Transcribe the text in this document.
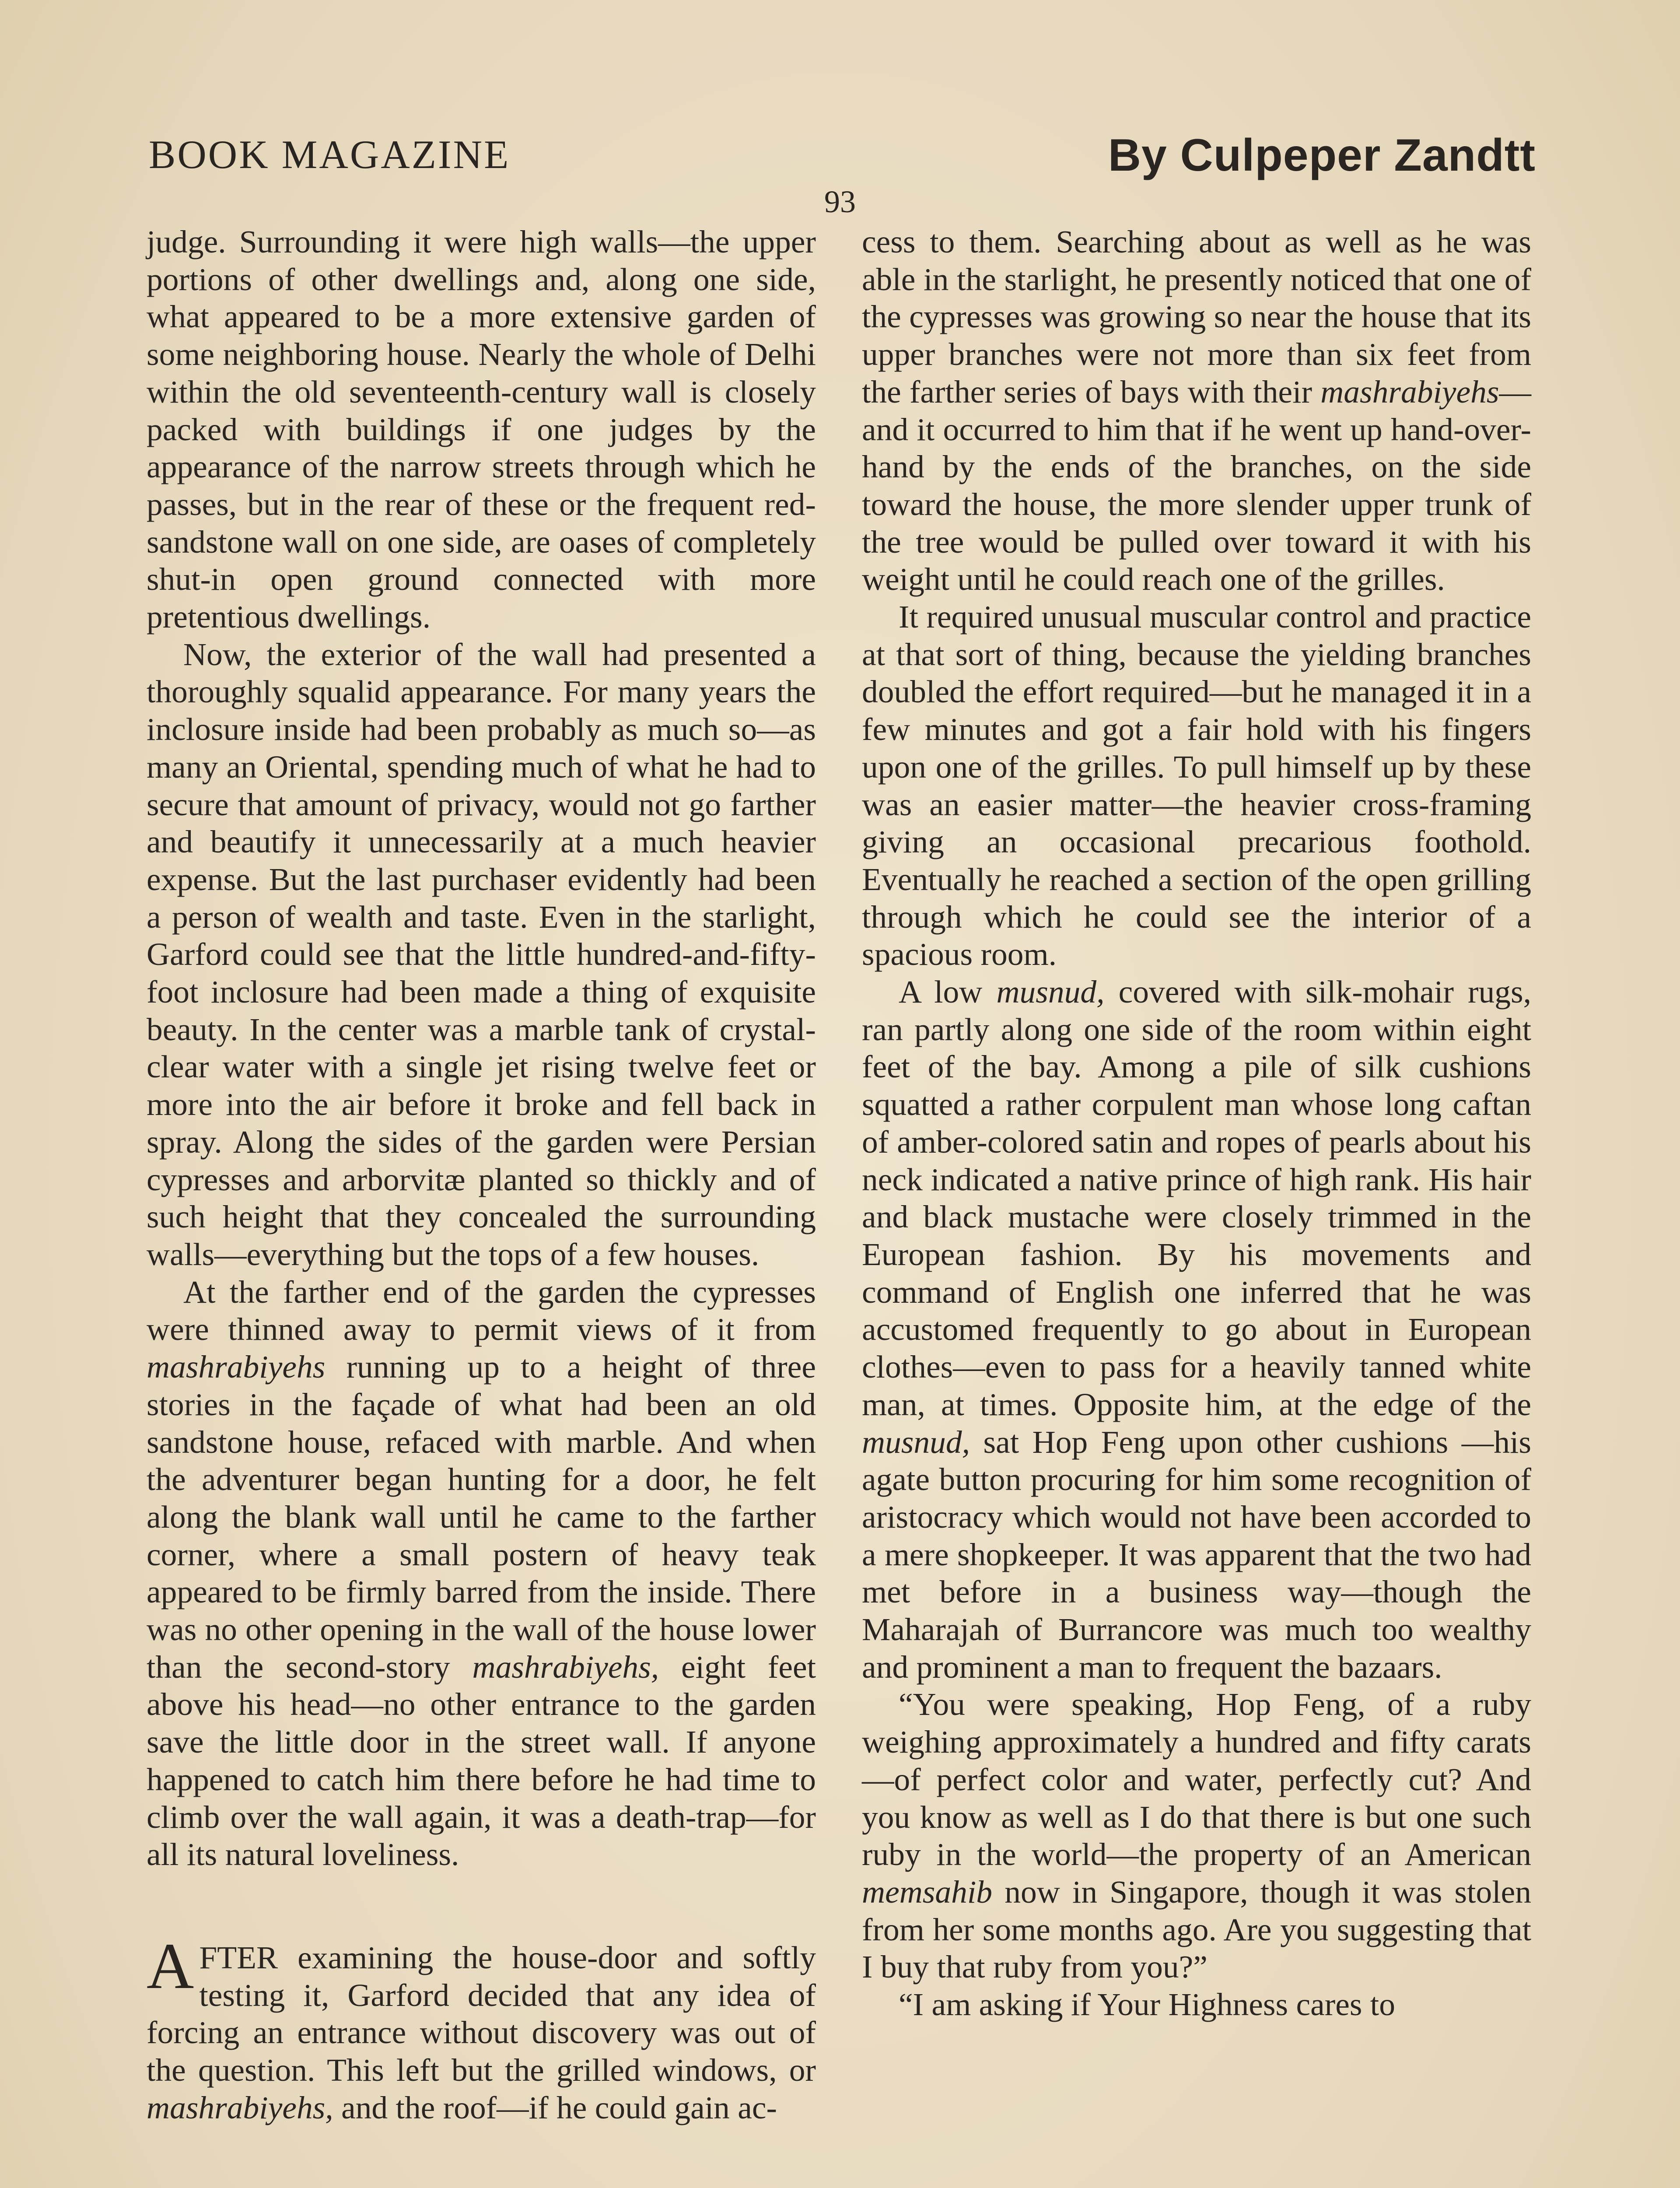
BOOK MAGAZINE	By Culpeper Zandtt
93

judge. Surrounding it were high walls—the upper portions of other dwellings and, along one side, what appeared to be a more extensive garden of some neighboring house. Nearly the whole of Delhi within the old seventeenth-century wall is closely packed with buildings if one judges by the appearance of the narrow streets through which he passes, but in the rear of these or the frequent red-sandstone wall on one side, are oases of completely shut-in open ground connected with more pretentious dwellings.

Now, the exterior of the wall had presented a thoroughly squalid appearance. For many years the inclosure inside had been probably as much so—as many an Oriental, spending much of what he had to secure that amount of privacy, would not go farther and beautify it unnecessarily at a much heavier expense. But the last purchaser evidently had been a person of wealth and taste. Even in the starlight, Garford could see that the little hundred-and-fifty-foot inclosure had been made a thing of exquisite beauty. In the center was a marble tank of crystal-clear water with a single jet rising twelve feet or more into the air before it broke and fell back in spray. Along the sides of the garden were Persian cypresses and arborvitæ planted so thickly and of such height that they concealed the surrounding walls—everything but the tops of a few houses.

At the farther end of the garden the cypresses were thinned away to permit views of it from mashrabiyehs running up to a height of three stories in the façade of what had been an old sandstone house, refaced with marble. And when the adventurer began hunting for a door, he felt along the blank wall until he came to the farther corner, where a small postern of heavy teak appeared to be firmly barred from the inside. There was no other opening in the wall of the house lower than the second-story mashrabiyehs, eight feet above his head—no other entrance to the garden save the little door in the street wall. If anyone happened to catch him there before he had time to climb over the wall again, it was a death-trap—for all its natural loveliness.

AFTER examining the house-door and softly testing it, Garford decided that any idea of forcing an entrance without discovery was out of the question. This left but the grilled windows, or mashrabiyehs, and the roof—if he could gain ac-

cess to them. Searching about as well as he was able in the starlight, he presently noticed that one of the cypresses was growing so near the house that its upper branches were not more than six feet from the farther series of bays with their mashrabiyehs—and it occurred to him that if he went up hand-over-hand by the ends of the branches, on the side toward the house, the more slender upper trunk of the tree would be pulled over toward it with his weight until he could reach one of the grilles.

It required unusual muscular control and practice at that sort of thing, because the yielding branches doubled the effort required—but he managed it in a few minutes and got a fair hold with his fingers upon one of the grilles. To pull himself up by these was an easier matter—the heavier cross-framing giving an occasional precarious foothold. Eventually he reached a section of the open grilling through which he could see the interior of a spacious room.

A low musnud, covered with silk-mohair rugs, ran partly along one side of the room within eight feet of the bay. Among a pile of silk cushions squatted a rather corpulent man whose long caftan of amber-colored satin and ropes of pearls about his neck indicated a native prince of high rank. His hair and black mustache were closely trimmed in the European fashion. By his movements and command of English one inferred that he was accustomed frequently to go about in European clothes—even to pass for a heavily tanned white man, at times. Opposite him, at the edge of the musnud, sat Hop Feng upon other cushions —his agate button procuring for him some recognition of aristocracy which would not have been accorded to a mere shopkeeper. It was apparent that the two had met before in a business way—though the Maharajah of Burrancore was much too wealthy and prominent a man to frequent the bazaars.

“You were speaking, Hop Feng, of a ruby weighing approximately a hundred and fifty carats—of perfect color and water, perfectly cut? And you know as well as I do that there is but one such ruby in the world—the property of an American memsahib now in Singapore, though it was stolen from her some months ago. Are you suggesting that I buy that ruby from you?”

“I am asking if Your Highness cares to
